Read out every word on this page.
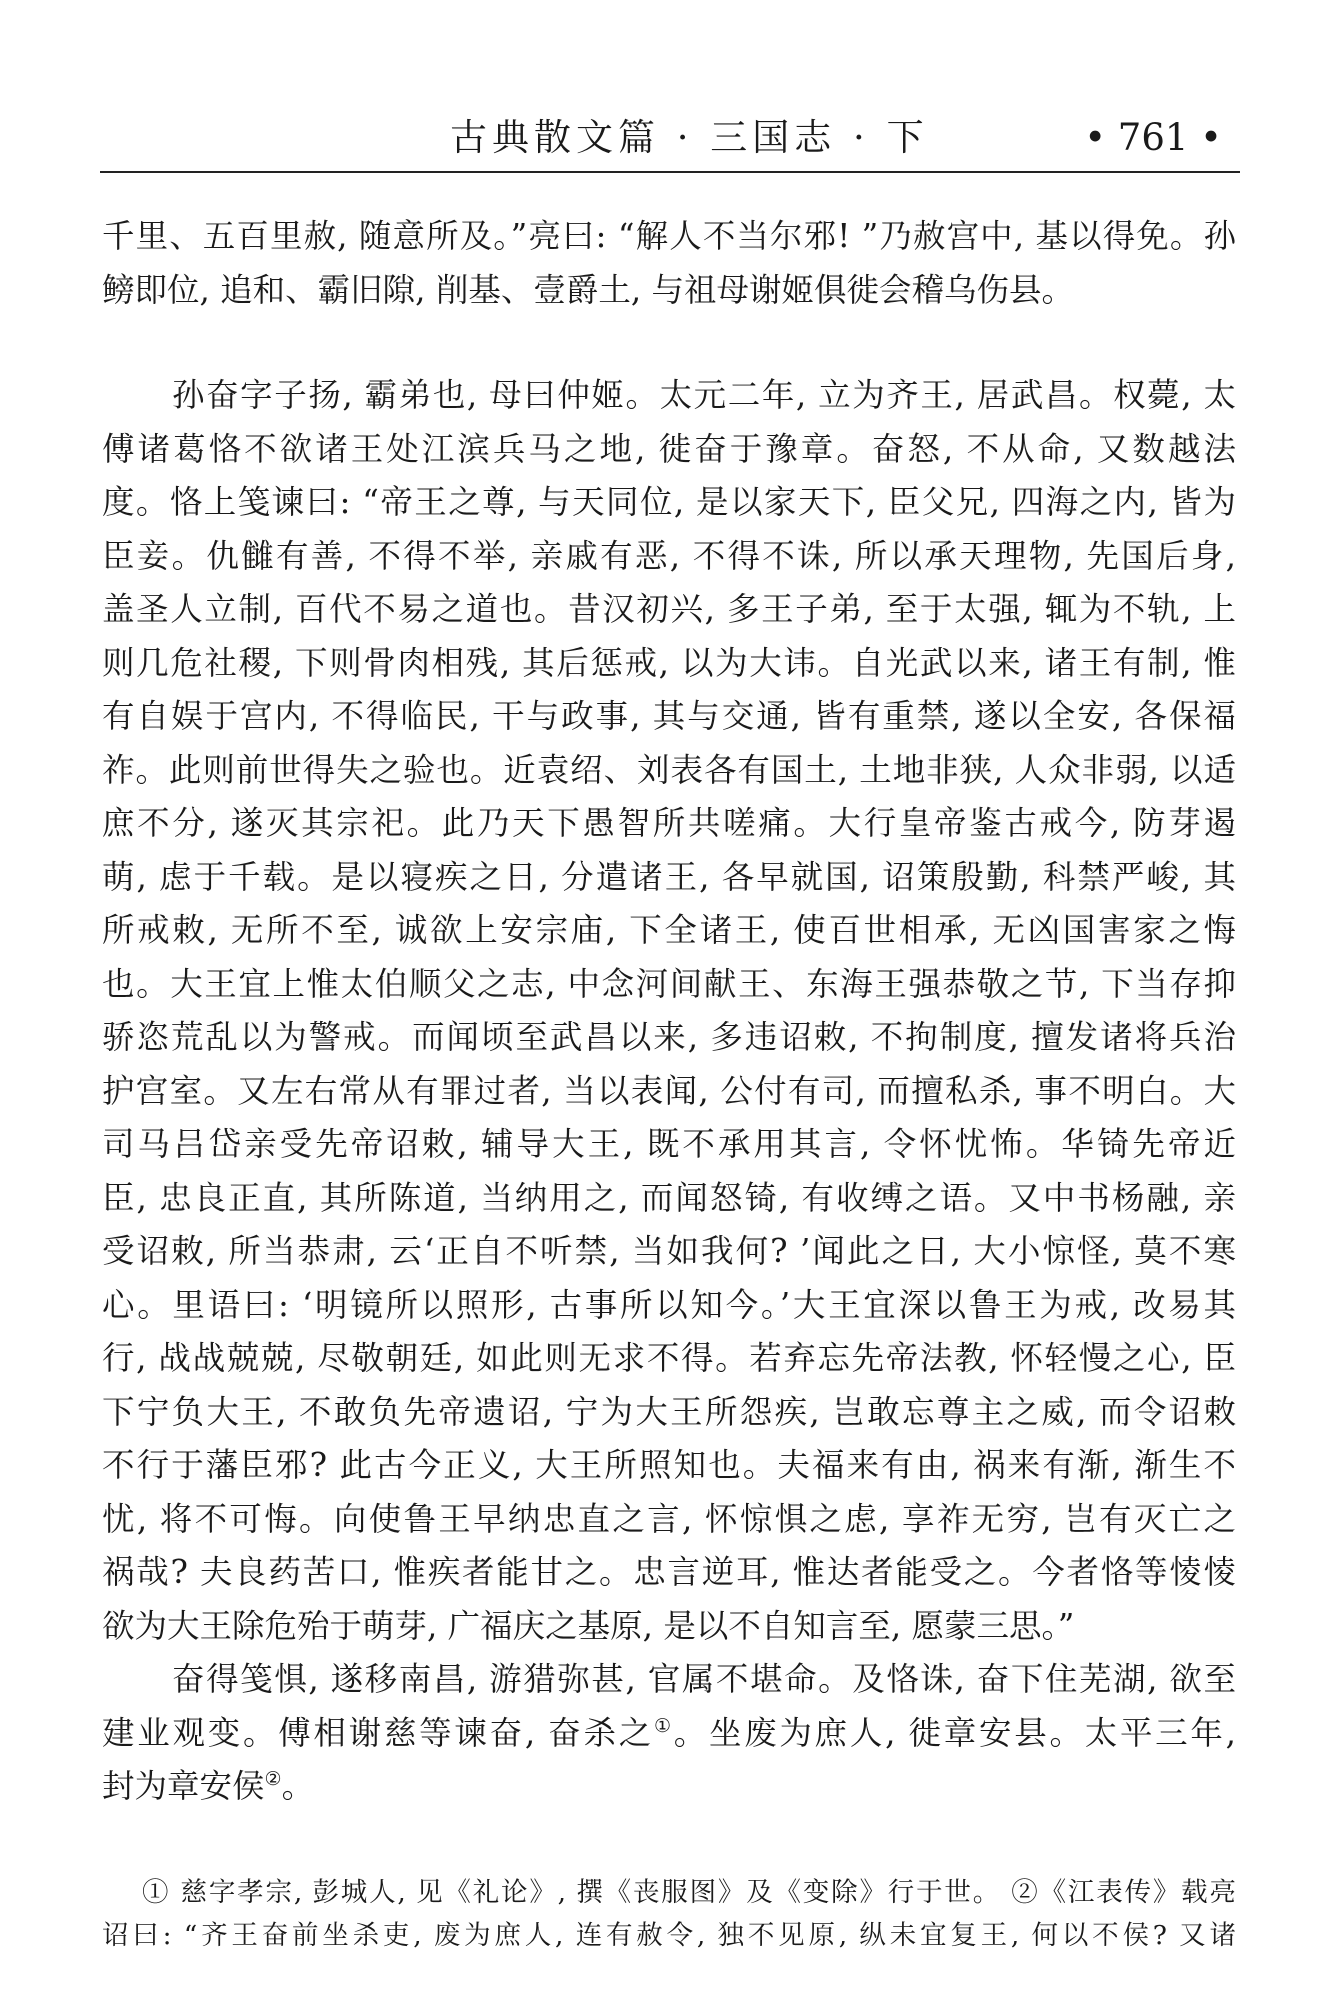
古典散文篇 · 三国志 · 下	• 761 •
千里、五百里赦, 随意所及。”亮曰: “解人不当尔邪! ”乃赦宫中, 基以得免。孙
鳑即位, 追和、霸旧隙, 削基、壹爵土, 与祖母谢姬俱徙会稽乌伤县。
孙奋字子扬, 霸弟也, 母曰仲姬。太元二年, 立为齐王, 居武昌。权薨, 太
傅诸葛恪不欲诸王处江滨兵马之地, 徙奋于豫章。奋怒, 不从命, 又数越法
度。恪上笺谏曰: “帝王之尊, 与天同位, 是以家天下, 臣父兄, 四海之内, 皆为
臣妾。仇雠有善, 不得不举, 亲戚有恶, 不得不诛, 所以承天理物, 先国后身,
盖圣人立制, 百代不易之道也。昔汉初兴, 多王子弟, 至于太强, 辄为不轨, 上
则几危社稷, 下则骨肉相残, 其后惩戒, 以为大讳。自光武以来, 诸王有制, 惟
有自娱于宫内, 不得临民, 干与政事, 其与交通, 皆有重禁, 遂以全安, 各保福
祚。此则前世得失之验也。近袁绍、刘表各有国土, 土地非狭, 人众非弱, 以适
庶不分, 遂灭其宗祀。此乃天下愚智所共嗟痛。大行皇帝鉴古戒今, 防芽遏
萌, 虑于千载。是以寝疾之日, 分遣诸王, 各早就国, 诏策殷勤, 科禁严峻, 其
所戒敕, 无所不至, 诚欲上安宗庙, 下全诸王, 使百世相承, 无凶国害家之悔
也。大王宜上惟太伯顺父之志, 中念河间献王、东海王强恭敬之节, 下当存抑
骄恣荒乱以为警戒。而闻顷至武昌以来, 多违诏敕, 不拘制度, 擅发诸将兵治
护宫室。又左右常从有罪过者, 当以表闻, 公付有司, 而擅私杀, 事不明白。大
司马吕岱亲受先帝诏敕, 辅导大王, 既不承用其言, 令怀忧怖。华锜先帝近
臣, 忠良正直, 其所陈道, 当纳用之, 而闻怒锜, 有收缚之语。又中书杨融, 亲
受诏敕, 所当恭肃, 云‘正自不听禁, 当如我何? ’闻此之日, 大小惊怪, 莫不寒
心。里语曰: ‘明镜所以照形, 古事所以知今。’大王宜深以鲁王为戒, 改易其
行, 战战兢兢, 尽敬朝廷, 如此则无求不得。若弃忘先帝法教, 怀轻慢之心, 臣
下宁负大王, 不敢负先帝遗诏, 宁为大王所怨疾, 岂敢忘尊主之威, 而令诏敕
不行于藩臣邪? 此古今正义, 大王所照知也。夫福来有由, 祸来有渐, 渐生不
忧, 将不可悔。向使鲁王早纳忠直之言, 怀惊惧之虑, 享祚无穷, 岂有灭亡之
祸哉? 夫良药苦口, 惟疾者能甘之。忠言逆耳, 惟达者能受之。今者恪等㥄㥄
欲为大王除危殆于萌芽, 广福庆之基原, 是以不自知言至, 愿蒙三思。”
奋得笺惧, 遂移南昌, 游猎弥甚, 官属不堪命。及恪诛, 奋下住芜湖, 欲至
建业观变。傅相谢慈等谏奋, 奋杀之①。坐废为庶人, 徙章安县。太平三年,
封为章安侯②。
① 慈字孝宗, 彭城人, 见《礼论》, 撰《丧服图》及《变除》行于世。 ②《江表传》载亮
诏曰: “齐王奋前坐杀吏, 废为庶人, 连有赦令, 独不见原, 纵未宜复王, 何以不侯? 又诸
